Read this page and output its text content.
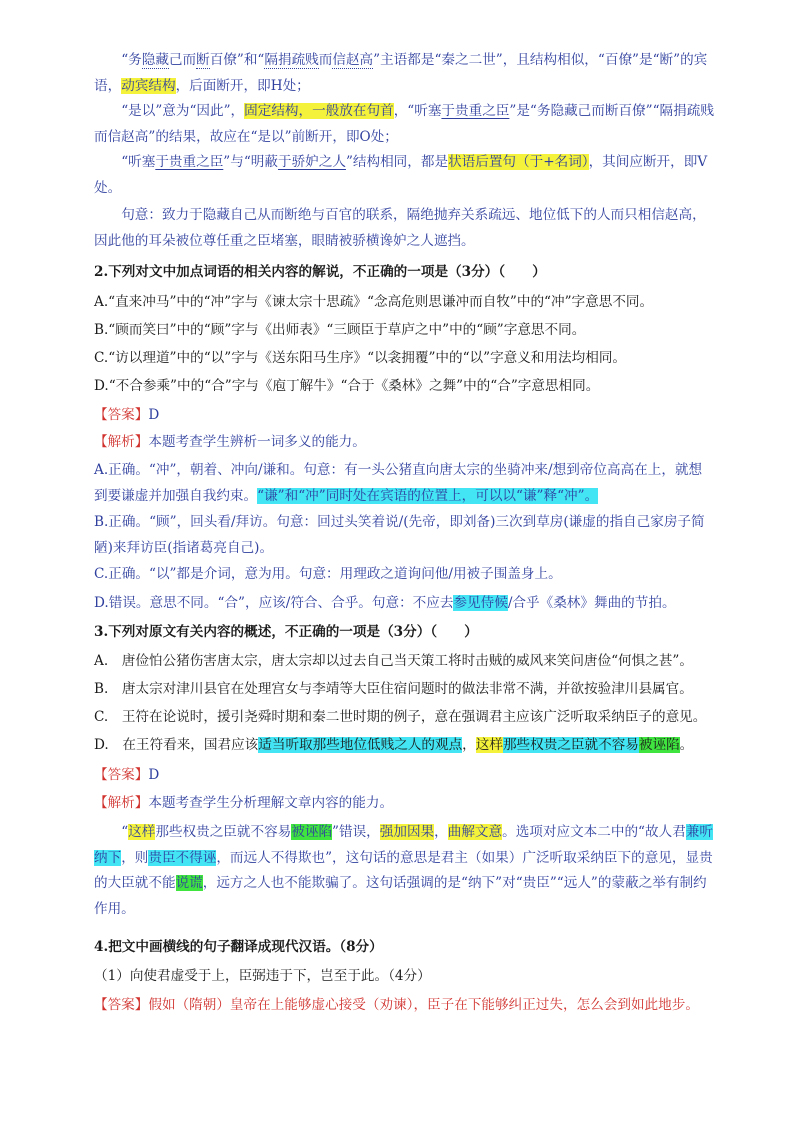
“务隐藏己而断百僚”和“隔捐疏贱而信赵高”主语都是“秦之二世”，且结构相似，“百僚”是“断”的宾语，动宾结构，后面断开，即H处；
“是以”意为“因此”，固定结构，一般放在句首，“听塞于贵重之臣”是“务隐藏己而断百僚”“隔捐疏贱而信赵高”的结果，故应在“是以”前断开，即O处；
“听塞于贵重之臣”与“明蔽于骄妒之人”结构相同，都是状语后置句（于+名词），其间应断开，即V处。
句意：致力于隐藏自己从而断绝与百官的联系，隔绝抛弃关系疏远、地位低下的人而只相信赵高，因此他的耳朵被位尊任重之臣堵塞，眼睛被骄横谗妒之人遮挡。
2.下列对文中加点词语的相关内容的解说，不正确的一项是（3分）（　　）
A.“直来冲马”中的“冲”字与《谏太宗十思疏》“念高危则思谦冲而自牧”中的“冲”字意思不同。
B.“顾而笑曰”中的“顾”字与《出师表》“三顾臣于草庐之中”中的“顾”字意思不同。
C.“访以理道”中的“以”字与《送东阳马生序》“以衾拥覆”中的“以”字意义和用法均相同。
D.“不合参乘”中的“合”字与《庖丁解牛》“合于《桑林》之舞”中的“合”字意思相同。
【答案】D
【解析】本题考查学生辨析一词多义的能力。
A.正确。“冲”，朝着、冲向/谦和。句意：有一头公猪直向唐太宗的坐骑冲来/想到帝位高高在上，就想到要谦虚并加强自我约束。“谦”和“冲”同时处在宾语的位置上，可以以“谦”释“冲”。
B.正确。“顾”，回头看/拜访。句意：回过头笑着说/(先帝，即刘备)三次到草房(谦虚的指自己家房子简陋)来拜访臣(指诸葛亮自己)。
C.正确。“以”都是介词，意为用。句意：用理政之道询问他/用被子围盖身上。
D.错误。意思不同。“合”，应该/符合、合乎。句意：不应去参见侍候/合乎《桑林》舞曲的节拍。
3.下列对原文有关内容的概述，不正确的一项是（3分）（　　）
A.　唐俭怕公猪伤害唐太宗，唐太宗却以过去自己当天策工将时击贼的威风来笑问唐俭“何惧之甚”。
B.　唐太宗对津川县官在处理宫女与李靖等大臣住宿问题时的做法非常不满，并欲按验津川县属官。
C.　王符在论说时，援引尧舜时期和秦二世时期的例子，意在强调君主应该广泛听取采纳臣子的意见。
D.　在王符看来，国君应该适当听取那些地位低贱之人的观点，这样那些权贵之臣就不容易被诬陷。
【答案】D
【解析】本题考查学生分析理解文章内容的能力。
“这样那些权贵之臣就不容易被诬陷”错误，强加因果，曲解文意。选项对应文本二中的“故人君兼听纳下，则贵臣不得诬，而远人不得欺也”，这句话的意思是君主（如果）广泛听取采纳臣下的意见，显贵的大臣就不能说谎，远方之人也不能欺骗了。这句话强调的是“纳下”对“贵臣”“远人”的蒙蔽之举有制约作用。
4.把文中画横线的句子翻译成现代汉语。（8分）
（1）向使君虚受于上，臣弼违于下，岂至于此。（4分）
【答案】假如（隋朝）皇帝在上能够虚心接受（劝谏），臣子在下能够纠正过失，怎么会到如此地步。
